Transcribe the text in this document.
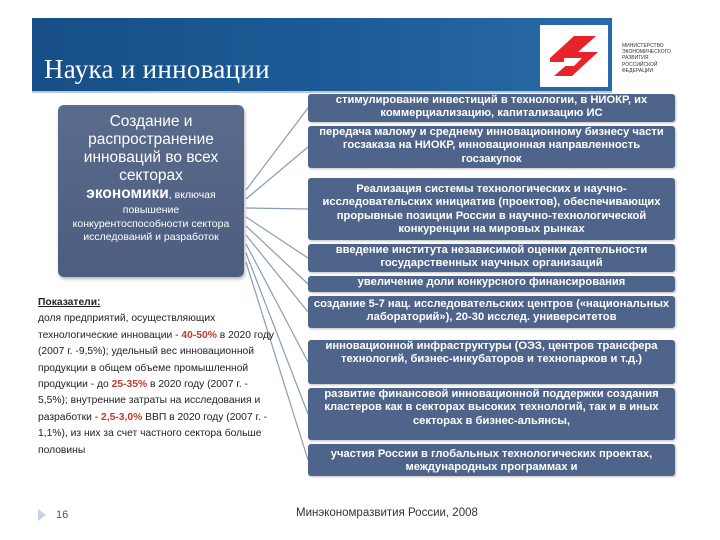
Наука и инновации
МИНИСТЕРСТВО
ЭКОНОМИЧЕСКОГО
РАЗВИТИЯ
РОССИЙСКОЙ
ФЕДЕРАЦИИ
Создание и распространение инноваций во всех секторах
экономики, включая
повышение конкурентоспособности сектора исследований и разработок
Показатели:
доля предприятий, осуществляющих технологические инновации - 40-50% в 2020 году (2007 г. -9,5%); удельный вес инновационной продукции в общем объеме промышленной продукции - до 25-35% в 2020 году (2007 г. - 5,5%); внутренние затраты на исследования и разработки - 2,5-3,0% ВВП в 2020 году (2007 г. - 1,1%), из них за счет частного сектора больше половины
стимулирование инвестиций в технологии, в НИОКР, их коммерциализацию, капитализацию ИС
передача малому и среднему инновационному бизнесу части госзаказа на НИОКР, инновационная направленность госзакупок
Реализация системы технологических и научно-исследовательских инициатив (проектов), обеспечивающих прорывные позиции России в научно-технологической конкуренции на мировых рынках
введение института независимой оценки деятельности государственных научных организаций
увеличение доли конкурсного финансирования
создание 5-7 нац. исследовательских центров («национальных лабораторий»), 20-30 исслед. университетов
инновационной инфраструктуры (ОЭЗ, центров трансфера технологий, бизнес-инкубаторов и технопарков и т.д.)
развитие финансовой инновационной поддержки создания кластеров как в секторах высоких технологий, так и в иных секторах в бизнес-альянсы,
участия России в глобальных технологических проектах, международных программах и
16	Минэкономразвития России, 2008
